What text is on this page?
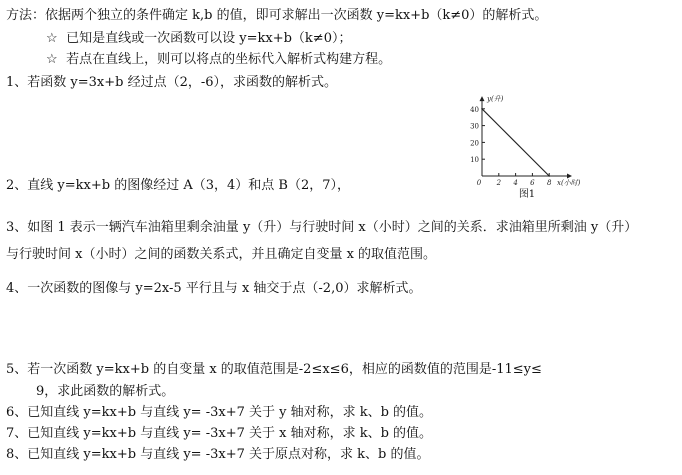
方法：依据两个独立的条件确定 k,b 的值，即可求解出一次函数 y=kx+b（k≠0）的解析式。
☆ 已知是直线或一次函数可以设 y=kx+b（k≠0）；
☆ 若点在直线上，则可以将点的坐标代入解析式构建方程。
1、若函数 y=3x+b 经过点（2，-6），求函数的解析式。
2、直线 y=kx+b 的图像经过 A（3，4）和点 B（2，7），
3、如图 1 表示一辆汽车油箱里剩余油量 y（升）与行驶时间 x（小时）之间的关系．求油箱里所剩油 y（升）
与行驶时间 x（小时）之间的函数关系式，并且确定自变量 x 的取值范围。
4、一次函数的图像与 y=2x-5 平行且与 x 轴交于点（-2,0）求解析式。
5、若一次函数 y=kx+b 的自变量 x 的取值范围是-2≤x≤6，相应的函数值的范围是-11≤y≤
9，求此函数的解析式。
6、已知直线 y=kx+b 与直线 y= -3x+7 关于 y 轴对称，求 k、b 的值。
7、已知直线 y=kx+b 与直线 y= -3x+7 关于 x 轴对称，求 k、b 的值。
8、已知直线 y=kx+b 与直线 y= -3x+7 关于原点对称，求 k、b 的值。
10
20
30
40
0 2 4 6 8
y(升)
x(小时)
图1
